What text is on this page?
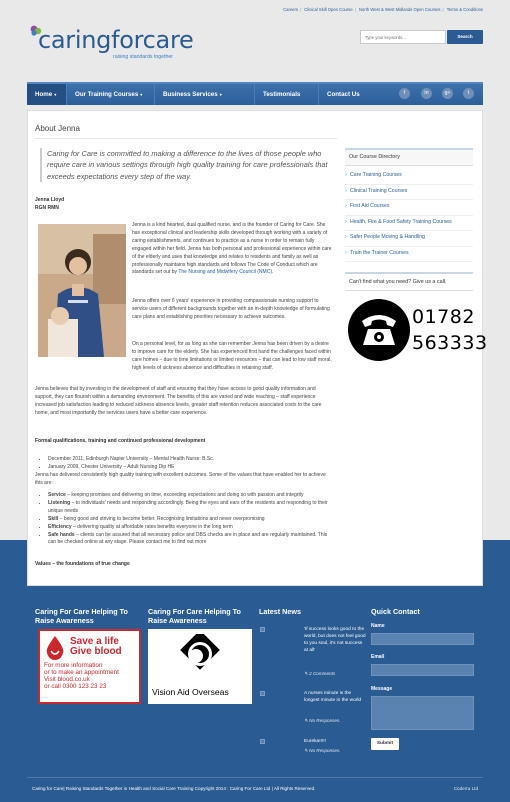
Careers | Clinical Skill Open Course | North West & West Midlands Open Courses | Terms & Conditions
caringforcare
raising standards together
Type your keywords...
Search
Home ▾	Our Training Courses ▾	Business Services ▾	Testimonials	Contact Us	f	in	g+	t
About Jenna
Caring for Care is committed to making a difference to the lives of those people who require care in various settings through high quality training for care professionals that exceeds expectations every step of the way.
Jenna Lloyd
RGN RMN
Jenna is a kind hearted, dual qualified nurse, and is the founder of Caring for Care. She has exceptional clinical and leadership skills developed through working with a variety of caring establishments, and continues to practice as a nurse in order to remain fully engaged within her field. Jenna has both personal and professional experience within care of the elderly and uses that knowledge and relates to residents and family as well as professionally maintains high standards and follows The Code of Conduct which are standards set out by The Nursing and Midwifery Council (NMC).
Jenna offers over 6 years' experience in providing compassionate nursing support to service users of different backgrounds together with an in-depth knowledge of formulating care plans and establishing priorities necessary to achieve outcomes.
On a personal level, for as long as she can remember Jenna has been driven by a desire to improve care for the elderly. She has experienced first hand the challenges faced within care homes – due to time limitations or limited resources – that can lead to low staff moral, high levels of sickness absence and difficulties in retaining staff.
Jenna believes that by investing in the development of staff and ensuring that they have access to good quality information and support, they can flourish within a demanding environment. The benefits of this are varied and wide reaching – staff experience increased job satisfaction leading to reduced sickness absence levels, greater staff retention reduces associated costs to the care home, and most importantly the services users have a better care experience.
Formal qualifications, training and continued professional development
• December 2011, Edinburgh Napier University – Mental Health Nurse: B.Sc.
• January 2009, Chester University – Adult Nursing Dip HE
Jenna has delivered consistently high quality training with excellent outcomes. Some of the values that have enabled her to achieve this are:
• Service – keeping promises and delivering on time, exceeding expectations and doing so with passion and integrity
• Listening – to individuals' needs and responding accordingly. Being the eyes and ears of the residents and responding to their unique needs
• Skill – being good and striving to become better. Recognising limitations and never overpromising
• Efficiency – delivering quality at affordable rates benefits everyone in the long term
• Safe hands – clients can be assured that all necessary police and DBS checks are in place and are regularly maintained. This can be checked online at any stage. Please contact me to find out more
Values – the foundations of true change
Our Course Directory
› Care Training Courses
› Clinical Training Courses
› First Aid Courses
› Health, Fire & Food Safety Training Courses
› Safer People Moving & Handling
› Train the Trainer Courses
Can't find what you need? Give us a call.
01782
563333
Caring For Care Helping To Raise Awareness
Save a life
Give blood
For more information
or to make an appointment
Visit blood.co.uk
or call 0300 123 23 23
Caring For Care Helping To Raise Awareness
Vision Aid Overseas
Latest News
'If success looks good to the world, but does not feel good to you soul, it's not success at all'
✎ 2 Comments
A nurses minute is the longest minute in the world
✎ No Responses.
Eureka!!!!!
✎ No Responses.
Quick Contact
Name
Email
Message
Submit
Caring for Care| Raising Standards Together in Health and Social Care Training Copyright 2014 : Caring For Care Ltd | All Rights Reserved.	Coderra Ltd
